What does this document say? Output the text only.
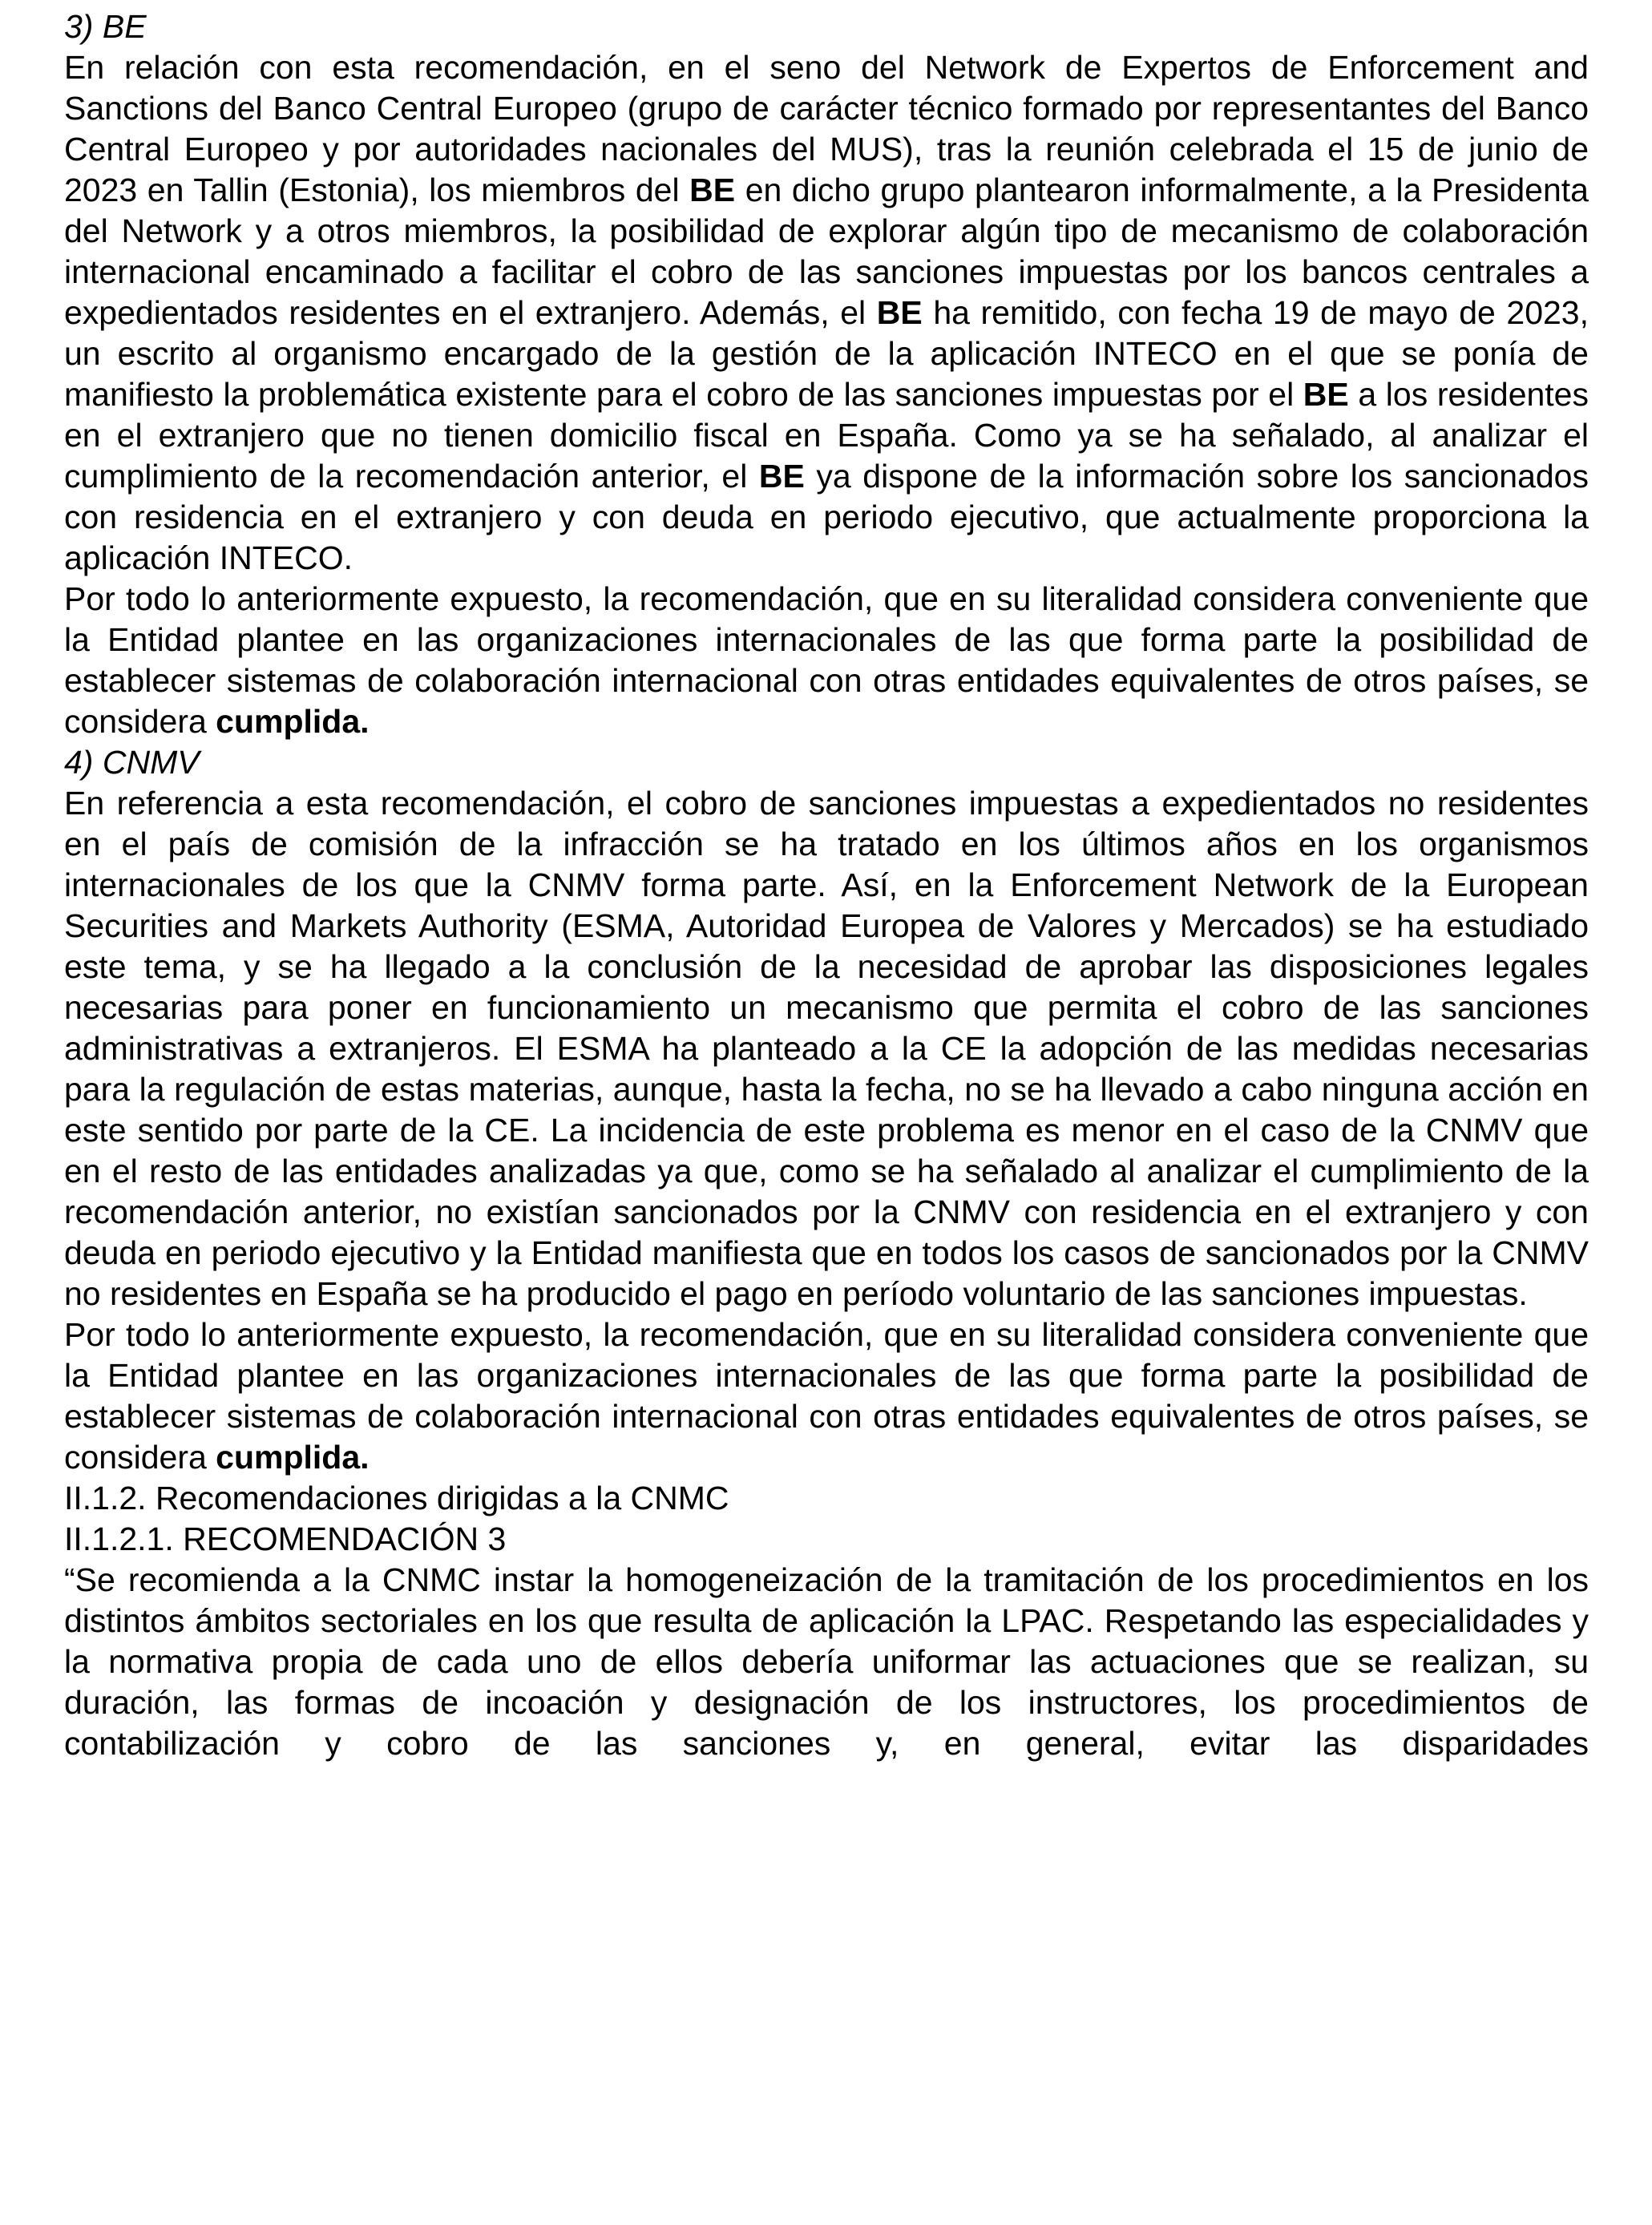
3) BE

En relación con esta recomendación, en el seno del Network de Expertos de Enforcement and Sanctions del Banco Central Europeo (grupo de carácter técnico formado por representantes del Banco Central Europeo y por autoridades nacionales del MUS), tras la reunión celebrada el 15 de junio de 2023 en Tallin (Estonia), los miembros del BE en dicho grupo plantearon informalmente, a la Presidenta del Network y a otros miembros, la posibilidad de explorar algún tipo de mecanismo de colaboración internacional encaminado a facilitar el cobro de las sanciones impuestas por los bancos centrales a expedientados residentes en el extranjero. Además, el BE ha remitido, con fecha 19 de mayo de 2023, un escrito al organismo encargado de la gestión de la aplicación INTECO en el que se ponía de manifiesto la problemática existente para el cobro de las sanciones impuestas por el BE a los residentes en el extranjero que no tienen domicilio fiscal en España. Como ya se ha señalado, al analizar el cumplimiento de la recomendación anterior, el BE ya dispone de la información sobre los sancionados con residencia en el extranjero y con deuda en periodo ejecutivo, que actualmente proporciona la aplicación INTECO.

Por todo lo anteriormente expuesto, la recomendación, que en su literalidad considera conveniente que la Entidad plantee en las organizaciones internacionales de las que forma parte la posibilidad de establecer sistemas de colaboración internacional con otras entidades equivalentes de otros países, se considera cumplida.

4) CNMV

En referencia a esta recomendación, el cobro de sanciones impuestas a expedientados no residentes en el país de comisión de la infracción se ha tratado en los últimos años en los organismos internacionales de los que la CNMV forma parte. Así, en la Enforcement Network de la European Securities and Markets Authority (ESMA, Autoridad Europea de Valores y Mercados) se ha estudiado este tema, y se ha llegado a la conclusión de la necesidad de aprobar las disposiciones legales necesarias para poner en funcionamiento un mecanismo que permita el cobro de las sanciones administrativas a extranjeros. El ESMA ha planteado a la CE la adopción de las medidas necesarias para la regulación de estas materias, aunque, hasta la fecha, no se ha llevado a cabo ninguna acción en este sentido por parte de la CE. La incidencia de este problema es menor en el caso de la CNMV que en el resto de las entidades analizadas ya que, como se ha señalado al analizar el cumplimiento de la recomendación anterior, no existían sancionados por la CNMV con residencia en el extranjero y con deuda en periodo ejecutivo y la Entidad manifiesta que en todos los casos de sancionados por la CNMV no residentes en España se ha producido el pago en período voluntario de las sanciones impuestas.

Por todo lo anteriormente expuesto, la recomendación, que en su literalidad considera conveniente que la Entidad plantee en las organizaciones internacionales de las que forma parte la posibilidad de establecer sistemas de colaboración internacional con otras entidades equivalentes de otros países, se considera cumplida.

II.1.2. Recomendaciones dirigidas a la CNMC
II.1.2.1. RECOMENDACIÓN 3

“Se recomienda a la CNMC instar la homogeneización de la tramitación de los procedimientos en los distintos ámbitos sectoriales en los que resulta de aplicación la LPAC. Respetando las especialidades y la normativa propia de cada uno de ellos debería uniformar las actuaciones que se realizan, su duración, las formas de incoación y designación de los instructores, los procedimientos de contabilización y cobro de las sanciones y, en general, evitar las disparidades
